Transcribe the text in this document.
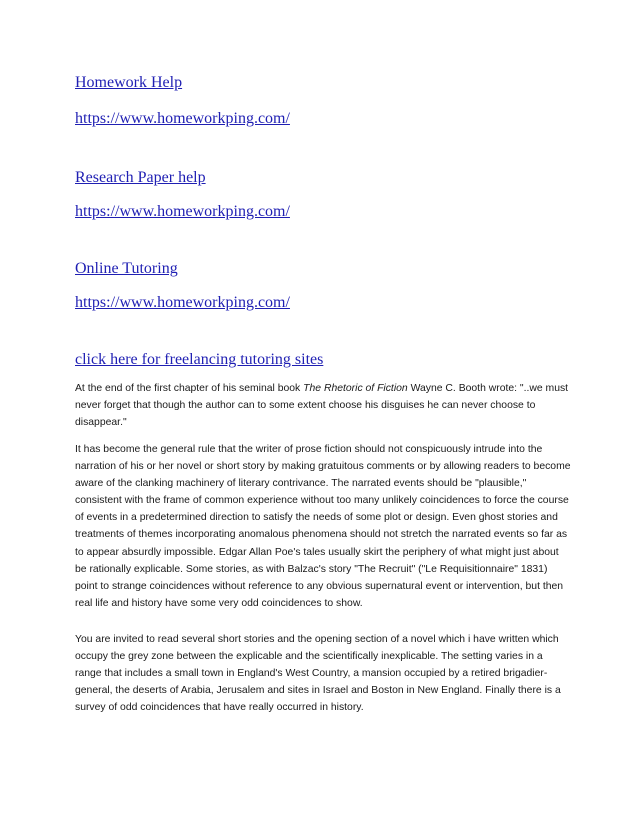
Homework Help
https://www.homeworkping.com/
Research Paper help
https://www.homeworkping.com/
Online Tutoring
https://www.homeworkping.com/
click here for freelancing tutoring sites

At the end of the first chapter of his seminal book The Rhetoric of Fiction Wayne C. Booth wrote: "..we must never forget that though the author can to some extent choose his disguises he can never choose to disappear."

It has become the general rule that the writer of prose fiction should not conspicuously intrude into the narration of his or her novel or short story by making gratuitous comments or by allowing readers to become aware of the clanking machinery of literary contrivance. The narrated events should be "plausible," consistent with the frame of common experience without too many unlikely coincidences to force the course of events in a predetermined direction to satisfy the needs of some plot or design. Even ghost stories and treatments of themes incorporating anomalous phenomena should not stretch the narrated events so far as to appear absurdly impossible. Edgar Allan Poe's tales usually skirt the periphery of what might just about be rationally explicable. Some stories, as with Balzac's story "The Recruit" ("Le Requisitionnaire" 1831) point to strange coincidences without reference to any obvious supernatural event or intervention, but then real life and history have some very odd coincidences to show.

You are invited to read several short stories and the opening section of a novel which i have written which occupy the grey zone between the explicable and the scientifically inexplicable. The setting varies in a range that includes a small town in England's West Country, a mansion occupied by a retired brigadier-general, the deserts of Arabia, Jerusalem and sites in Israel and Boston in New England. Finally there is a survey of odd coincidences that have really occurred in history.
